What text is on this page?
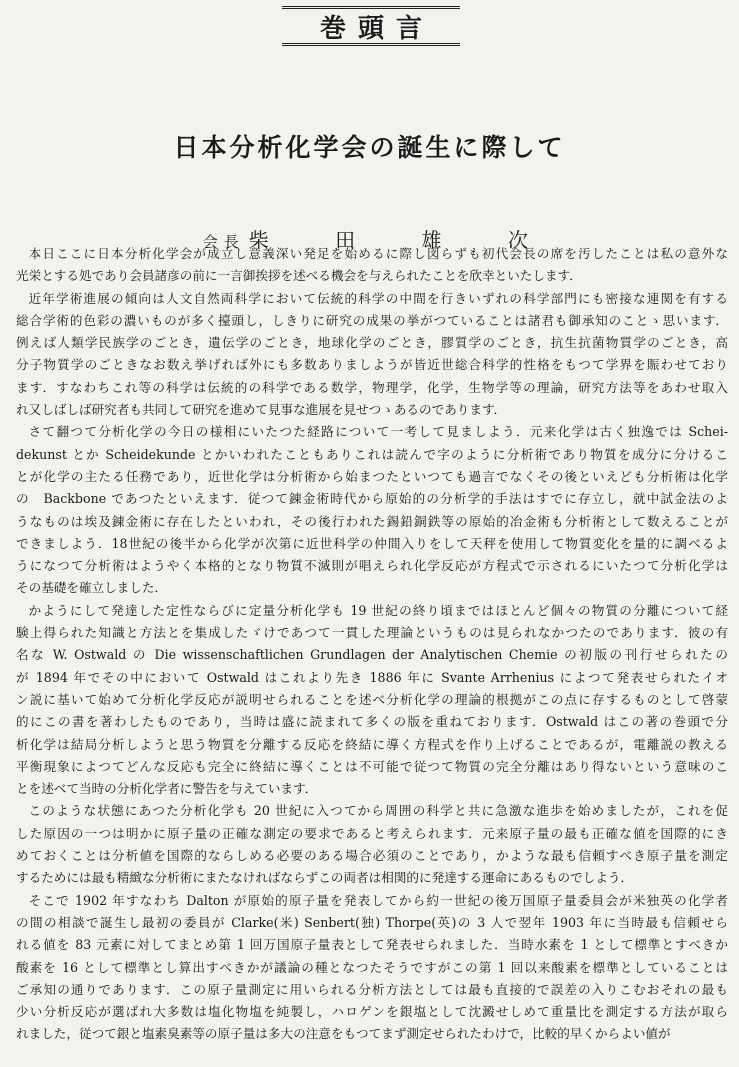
巻頭言
日本分析化学会の誕生に際して

会長 柴 田 雄 次

本日ここに日本分析化学会が成立し意義深い発足を始めるに際し図らずも初代会長の席を汚したことは私の意外な
光栄とする処であり会員諸彦の前に一言御挨拶を述べる機会を与えられたことを欣幸といたします．

近年学術進展の傾向は人文自然両科学において伝統的科学の中間を行きいずれの科学部門にも密接な連関を有する
総合学術的色彩の濃いものが多く擡頭し，しきりに研究の成果の挙がつていることは諸君も御承知のことゝ思います．
例えば人類学民族学のごとき，遺伝学のごとき，地球化学のごとき，膠質学のごとき，抗生抗菌物質学のごとき，高
分子物質学のごときなお数え挙げれば外にも多数ありましようが皆近世総合科学的性格をもつて学界を賑わせており
ます．すなわちこれ等の科学は伝統的の科学である数学，物理学，化学，生物学等の理論，研究方法等をあわせ取入
れ又しばしば研究者も共同して研究を進めて見事な進展を見せつゝあるのであります．

さて翻つて分析化学の今日の様相にいたつた経路について一考して見ましよう．元来化学は古く独逸では Schei-
dekunst とか Scheidekunde とかいわれたこともありこれは読んで字のように分析術であり物質を成分に分けるこ
とが化学の主たる任務であり，近世化学は分析術から始まつたといつても過言でなくその後といえども分析術は化学
の　Backbone であつたといえます．従つて錬金術時代から原始的の分析学的手法はすでに存立し，就中試金法のよ
うなものは埃及錬金術に存在したといわれ，その後行われた錫鉛銅鉄等の原始的冶金術も分析術として数えることが
できましよう．18世紀の後半から化学が次第に近世科学の仲間入りをして天秤を使用して物質変化を量的に調べるよ
うになつて分析術はようやく本格的となり物質不滅則が唱えられ化学反応が方程式で示されるにいたつて分析化学は
その基礎を確立しました．

かようにして発達した定性ならびに定量分析化学も 19 世紀の終り頃まではほとんど個々の物質の分離について経
験上得られた知識と方法とを集成したゞけであつて一貫した理論というものは見られなかつたのであります．彼の有
名な W. Ostwald の Die wissenschaftlichen Grundlagen der Analytischen Chemie の初版の刊行せられたの
が 1894 年でその中において Ostwald はこれより先き 1886 年に Svante Arrhenius によつて発表せられたイオ
ン説に基いて始めて分析化学反応が説明せられることを述べ分析化学の理論的根拠がこの点に存するものとして啓蒙
的にこの書を著わしたものであり，当時は盛に読まれて多くの版を重ねております．Ostwald はこの著の巻頭で分
析化学は結局分析しようと思う物質を分離する反応を終結に導く方程式を作り上げることであるが，電離説の教える
平衡現象によつてどんな反応も完全に終結に導くことは不可能で従つて物質の完全分離はあり得ないという意味のこ
とを述べて当時の分析化学者に警告を与えています．

このような状態にあつた分析化学も 20 世紀に入つてから周囲の科学と共に急激な進歩を始めましたが，これを促
した原因の一つは明かに原子量の正確な測定の要求であると考えられます．元来原子量の最も正確な値を国際的にき
めておくことは分析値を国際的ならしめる必要のある場合必須のことであり，かような最も信頼すべき原子量を測定
するためには最も精緻な分析術にまたなければならずこの両者は相関的に発達する運命にあるものでしよう．

そこで 1902 年すなわち Dalton が原始的原子量を発表してから約一世紀の後万国原子量委員会が米独英の化学者
の間の相談で誕生し最初の委員が Clarke(米) Senbert(独) Thorpe(英)の 3 人で翌年 1903 年に当時最も信頼せら
れる値を 83 元素に対してまとめ第 1 回万国原子量表として発表せられました．当時水素を 1 として標準とすべきか
酸素を 16 として標準とし算出すべきかが議論の種となつたそうですがこの第 1 回以来酸素を標準としていることは
ご承知の通りであります．この原子量測定に用いられる分析方法としては最も直接的で誤差の入りこむおそれの最も
少い分析反応が選ばれ大多数は塩化物塩を純製し，ハロゲンを銀塩として沈澱せしめて重量比を測定する方法が取ら
れました，従つて銀と塩素臭素等の原子量は多大の注意をもつてまず測定せられたわけで，比較的早くからよい値が
